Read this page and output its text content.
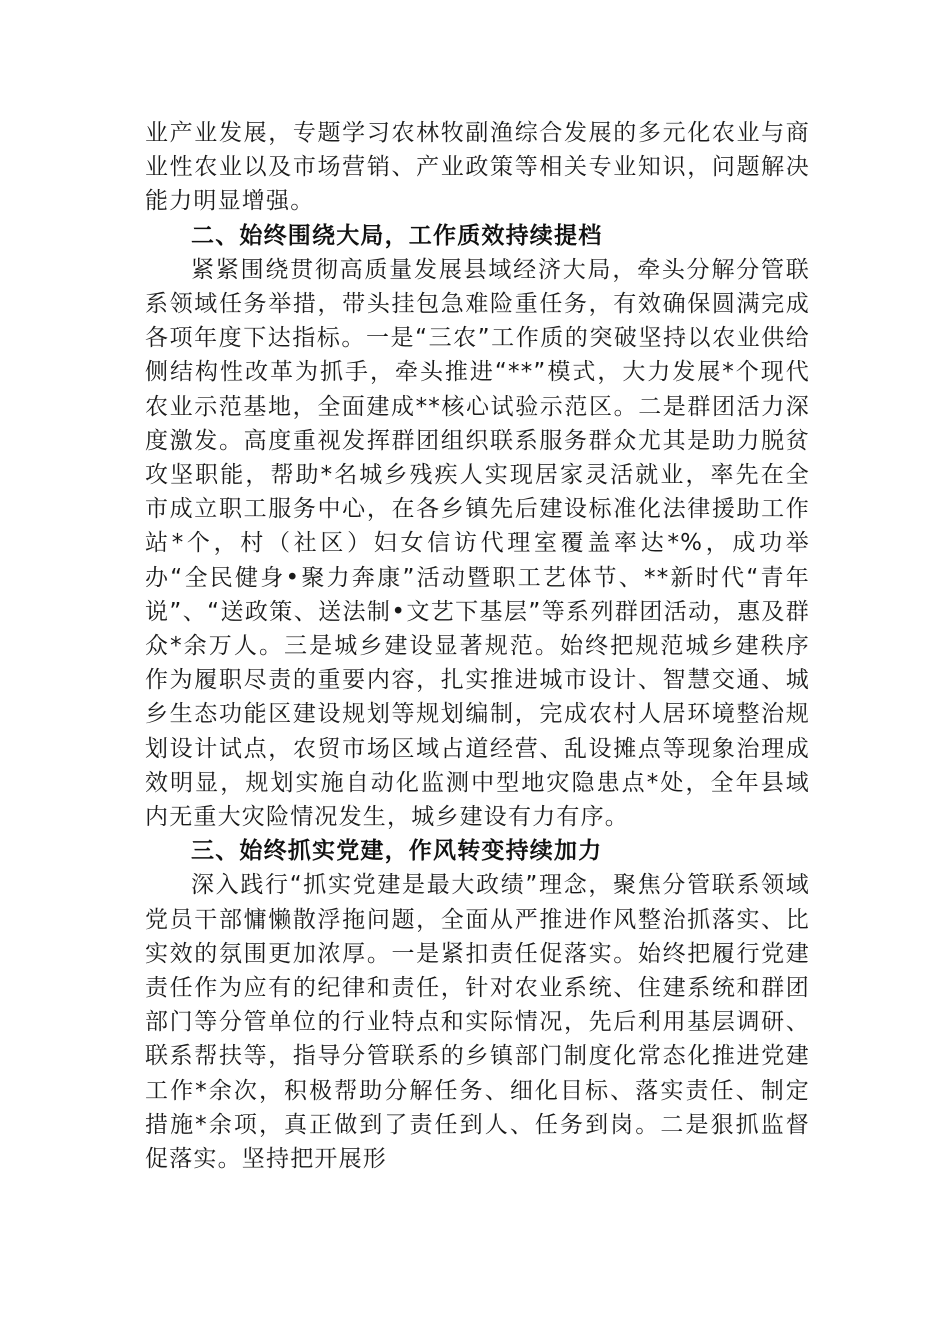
业产业发展，专题学习农林牧副渔综合发展的多元化农业与商业性农业以及市场营销、产业政策等相关专业知识，问题解决能力明显增强。

二、始终围绕大局，工作质效持续提档

紧紧围绕贯彻高质量发展县域经济大局，牵头分解分管联系领域任务举措，带头挂包急难险重任务，有效确保圆满完成各项年度下达指标。一是“三农”工作质的突破坚持以农业供给侧结构性改革为抓手，牵头推进“**”模式，大力发展*个现代农业示范基地，全面建成**核心试验示范区。二是群团活力深度激发。高度重视发挥群团组织联系服务群众尤其是助力脱贫攻坚职能，帮助*名城乡残疾人实现居家灵活就业，率先在全市成立职工服务中心，在各乡镇先后建设标准化法律援助工作站*个，村（社区）妇女信访代理室覆盖率达*%，成功举办“全民健身•聚力奔康”活动暨职工艺体节、**新时代“青年说”、“送政策、送法制•文艺下基层”等系列群团活动，惠及群众*余万人。三是城乡建设显著规范。始终把规范城乡建秩序作为履职尽责的重要内容，扎实推进城市设计、智慧交通、城乡生态功能区建设规划等规划编制，完成农村人居环境整治规划设计试点，农贸市场区域占道经营、乱设摊点等现象治理成效明显，规划实施自动化监测中型地灾隐患点*处，全年县域内无重大灾险情况发生，城乡建设有力有序。

三、始终抓实党建，作风转变持续加力

深入践行“抓实党建是最大政绩”理念，聚焦分管联系领域党员干部慵懒散浮拖问题，全面从严推进作风整治抓落实、比实效的氛围更加浓厚。一是紧扣责任促落实。始终把履行党建责任作为应有的纪律和责任，针对农业系统、住建系统和群团部门等分管单位的行业特点和实际情况，先后利用基层调研、联系帮扶等，指导分管联系的乡镇部门制度化常态化推进党建工作*余次，积极帮助分解任务、细化目标、落实责任、制定措施*余项，真正做到了责任到人、任务到岗。二是狠抓监督促落实。坚持把开展形
